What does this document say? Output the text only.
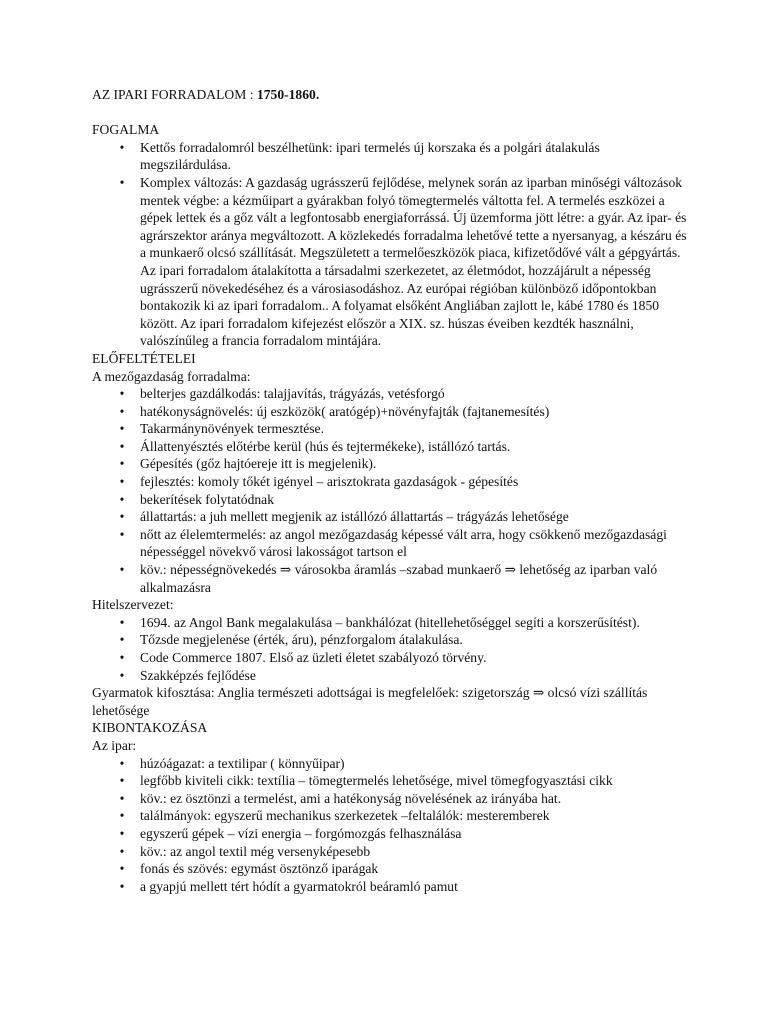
AZ IPARI FORRADALOM : 1750-1860.
FOGALMA
• Kettős forradalomról beszélhetünk: ipari termelés új korszaka és a polgári átalakulás megszilárdulása.
• Komplex változás: A gazdaság ugrásszerű fejlődése, melynek során az iparban minőségi változások mentek végbe: a kézműipart a gyárakban folyó tömegtermelés váltotta fel. A termelés eszközei a gépek lettek és a gőz vált a legfontosabb energiaforrássá. Új üzemforma jött létre: a gyár. Az ipar- és agrárszektor aránya megváltozott. A közlekedés forradalma lehetővé tette a nyersanyag, a készáru és a munkaerő olcsó szállítását. Megszületett a termelőeszközök piaca, kifizetődővé vált a gépgyártás. Az ipari forradalom átalakította a társadalmi szerkezetet, az életmódot, hozzájárult a népesség ugrásszerű növekedéséhez és a városiasodáshoz. Az európai régióban különböző időpontokban bontakozik ki az ipari forradalom.. A folyamat elsőként Angliában zajlott le, kábé 1780 és 1850 között. Az ipari forradalom kifejezést először a XIX. sz. húszas éveiben kezdték használni, valószínűleg a francia forradalom mintájára.
ELŐFELTÉTELEI
A mezőgazdaság forradalma:
• belterjes gazdálkodás: talajjavítás, trágyázás, vetésforgó
• hatékonyságnövelés: új eszközök( aratógép)+növényfajták (fajtanemesítés)
• Takarmánynövények termesztése.
• Állattenyésztés előtérbe kerül (hús és tejtermékeke), istállózó tartás.
• Gépesítés (gőz hajtóereje itt is megjelenik).
• fejlesztés: komoly tőkét igényel – arisztokrata gazdaságok - gépesítés
• bekerítések folytatódnak
• állattartás: a juh mellett megjenik az istállózó állattartás – trágyázás lehetősége
• nőtt az élelemtermelés: az angol mezőgazdaság képessé vált arra, hogy csökkenő mezőgazdasági népességgel növekvő városi lakosságot tartson el
• köv.: népességnövekedés ⇒ városokba áramlás –szabad munkaerő ⇒ lehetőség az iparban való alkalmazásra
Hitelszervezet:
• 1694. az Angol Bank megalakulása – bankhálózat (hitellehetőséggel segíti a korszerűsítést).
• Tőzsde megjelenése (érték, áru), pénzforgalom átalakulása.
• Code Commerce 1807. Első az üzleti életet szabályozó törvény.
• Szakképzés fejlődése
Gyarmatok kifosztása: Anglia természeti adottságai is megfelelőek: szigetország ⇒ olcsó vízi szállítás lehetősége
KIBONTAKOZÁSA
Az ipar:
• húzóágazat: a textilipar ( könnyűipar)
• legfőbb kiviteli cikk: textília – tömegtermelés lehetősége, mivel tömegfogyasztási cikk
• köv.: ez ösztönzi a termelést, ami a hatékonyság növelésének az irányába hat.
• találmányok: egyszerű mechanikus szerkezetek –feltalálók: mesteremberek
• egyszerű gépek – vízi energia – forgómozgás felhasználása
• köv.: az angol textil még versenyképesebb
• fonás és szövés: egymást ösztönző iparágak
• a gyapjú mellett tért hódít a gyarmatokról beáramló pamut
